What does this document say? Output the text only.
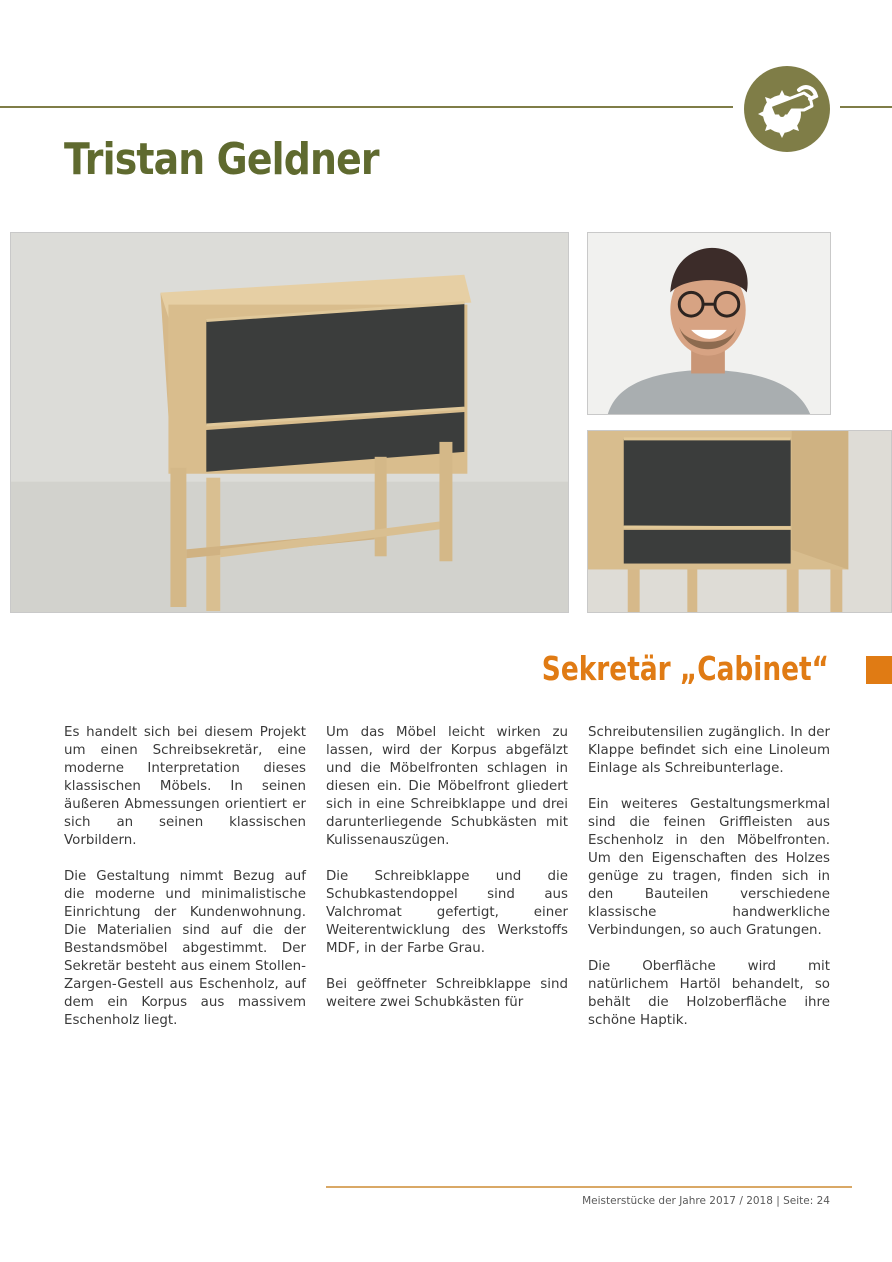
Tristan Geldner
Sekretär „Cabinet“

Es handelt sich bei diesem Projekt um einen Schreibsekretär, eine moderne Interpretation dieses klassischen Möbels. In seinen äußeren Abmessungen orientiert er sich an seinen klassischen Vorbildern.

Die Gestaltung nimmt Bezug auf die moderne und minimalistische Einrichtung der Kundenwohnung. Die Materialien sind auf die der Bestandsmöbel abgestimmt. Der Sekretär besteht aus einem Stollen-Zargen-Gestell aus Eschenholz, auf dem ein Korpus aus massivem Eschenholz liegt.

Um das Möbel leicht wirken zu lassen, wird der Korpus abgefälzt und die Möbelfronten schlagen in diesen ein. Die Möbelfront gliedert sich in eine Schreibklappe und drei darunterliegende Schubkästen mit Kulissenauszügen.

Die Schreibklappe und die Schubkastendoppel sind aus Valchromat gefertigt, einer Weiterentwicklung des Werkstoffs MDF, in der Farbe Grau.

Bei geöffneter Schreibklappe sind weitere zwei Schubkästen für

Schreibutensilien zugänglich. In der Klappe befindet sich eine Linoleum Einlage als Schreibunterlage.

Ein weiteres Gestaltungsmerkmal sind die feinen Griffleisten aus Eschenholz in den Möbelfronten. Um den Eigenschaften des Holzes genüge zu tragen, finden sich in den Bauteilen verschiedene klassische handwerkliche Verbindungen, so auch Gratungen.

Die Oberfläche wird mit natürlichem Hartöl behandelt, so behält die Holzoberfläche ihre schöne Haptik.

Meisterstücke der Jahre 2017 / 2018 | Seite: 24
